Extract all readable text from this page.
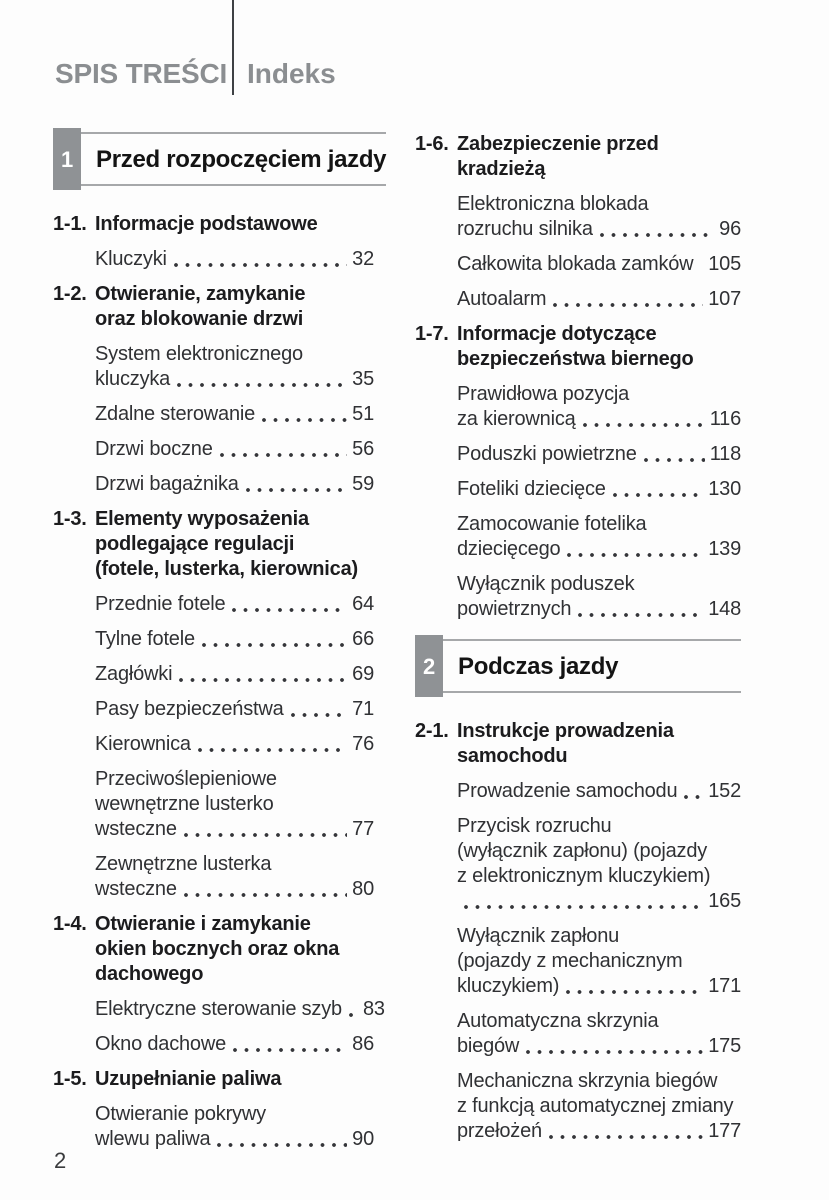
SPIS TREŚCI Indeks
1 Przed rozpoczęciem jazdy
1-1. Informacje podstawowe
Kluczyki	32
1-2. Otwieranie, zamykanie
oraz blokowanie drzwi
System elektronicznego
kluczyka	35
Zdalne sterowanie	51
Drzwi boczne	56
Drzwi bagażnika	59
1-3. Elementy wyposażenia
podlegające regulacji
(fotele, lusterka, kierownica)
Przednie fotele	64
Tylne fotele	66
Zagłówki	69
Pasy bezpieczeństwa	71
Kierownica	76
Przeciwoślepieniowe
wewnętrzne lusterko
wsteczne	77
Zewnętrzne lusterka
wsteczne	80
1-4. Otwieranie i zamykanie
okien bocznych oraz okna
dachowego
Elektryczne sterowanie szyb 83
Okno dachowe	86
1-5. Uzupełnianie paliwa
Otwieranie pokrywy
wlewu paliwa	90
1-6. Zabezpieczenie przed
kradzieżą
Elektroniczna blokada
rozruchu silnika	96
Całkowita blokada zamków 105
Autoalarm	107
1-7. Informacje dotyczące
bezpieczeństwa biernego
Prawidłowa pozycja
za kierownicą	116
Poduszki powietrzne	118
Foteliki dziecięce	130
Zamocowanie fotelika
dziecięcego	139
Wyłącznik poduszek
powietrznych	148
2 Podczas jazdy
2-1. Instrukcje prowadzenia
samochodu
Prowadzenie samochodu 152
Przycisk rozruchu
(wyłącznik zapłonu) (pojazdy
z elektronicznym kluczykiem)
165
Wyłącznik zapłonu
(pojazdy z mechanicznym
kluczykiem)	171
Automatyczna skrzynia
biegów	175
Mechaniczna skrzynia biegów
z funkcją automatycznej zmiany
przełożeń	177
2
